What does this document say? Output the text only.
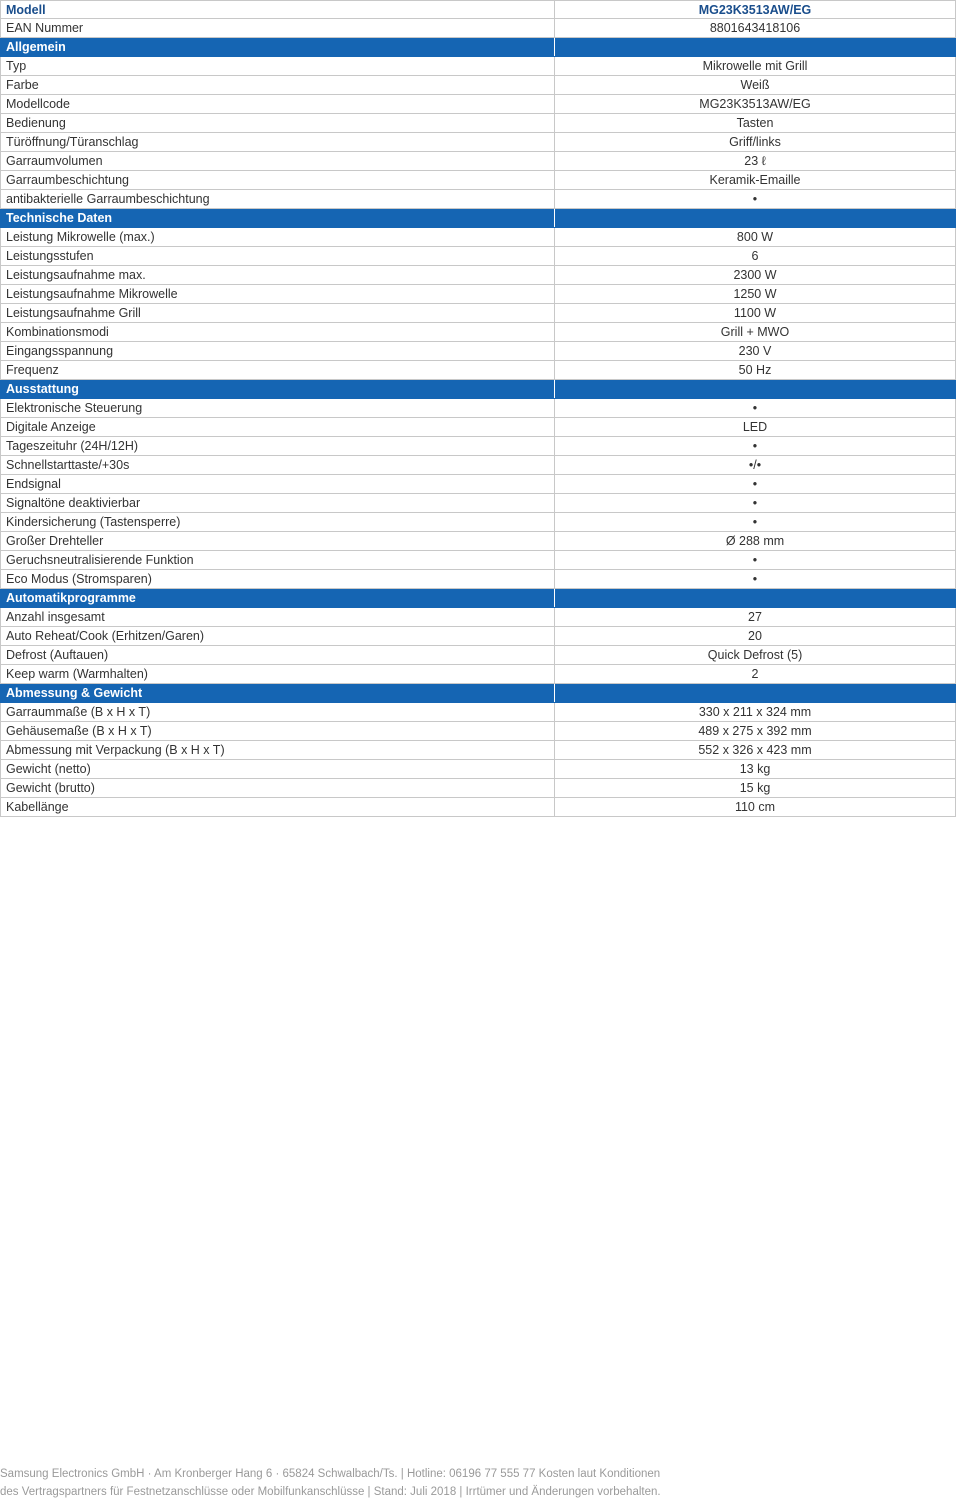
Modell	MG23K3513AW/EG
EAN Nummer	8801643418106
Allgemein
Typ	Mikrowelle mit Grill
Farbe	Weiß
Modellcode	MG23K3513AW/EG
Bedienung	Tasten
Türöffnung/Türanschlag	Griff/links
Garraumvolumen	23 ℓ
Garraumbeschichtung	Keramik-Emaille
antibakterielle Garraumbeschichtung	•
Technische Daten
Leistung Mikrowelle (max.)	800 W
Leistungsstufen	6
Leistungsaufnahme max.	2300 W
Leistungsaufnahme Mikrowelle	1250 W
Leistungsaufnahme Grill	1100 W
Kombinationsmodi	Grill + MWO
Eingangsspannung	230 V
Frequenz	50 Hz
Ausstattung
Elektronische Steuerung	•
Digitale Anzeige	LED
Tageszeituhr (24H/12H)	•
Schnellstarttaste/+30s	•/•
Endsignal	•
Signaltöne deaktivierbar	•
Kindersicherung (Tastensperre)	•
Großer Drehteller	Ø 288 mm
Geruchsneutralisierende Funktion	•
Eco Modus (Stromsparen)	•
Automatikprogramme
Anzahl insgesamt	27
Auto Reheat/Cook (Erhitzen/Garen)	20
Defrost (Auftauen)	Quick Defrost (5)
Keep warm (Warmhalten)	2
Abmessung & Gewicht
Garraummaße (B x H x T)	330 x 211 x 324 mm
Gehäusemaße (B x H x T)	489 x 275 x 392 mm
Abmessung mit Verpackung (B x H x T)	552 x 326 x 423 mm
Gewicht (netto)	13 kg
Gewicht (brutto)	15 kg
Kabellänge	110 cm
Samsung Electronics GmbH · Am Kronberger Hang 6 · 65824 Schwalbach/Ts. | Hotline: 06196 77 555 77 Kosten laut Konditionen
des Vertragspartners für Festnetzanschlüsse oder Mobilfunkanschlüsse | Stand: Juli 2018 | Irrtümer und Änderungen vorbehalten.
